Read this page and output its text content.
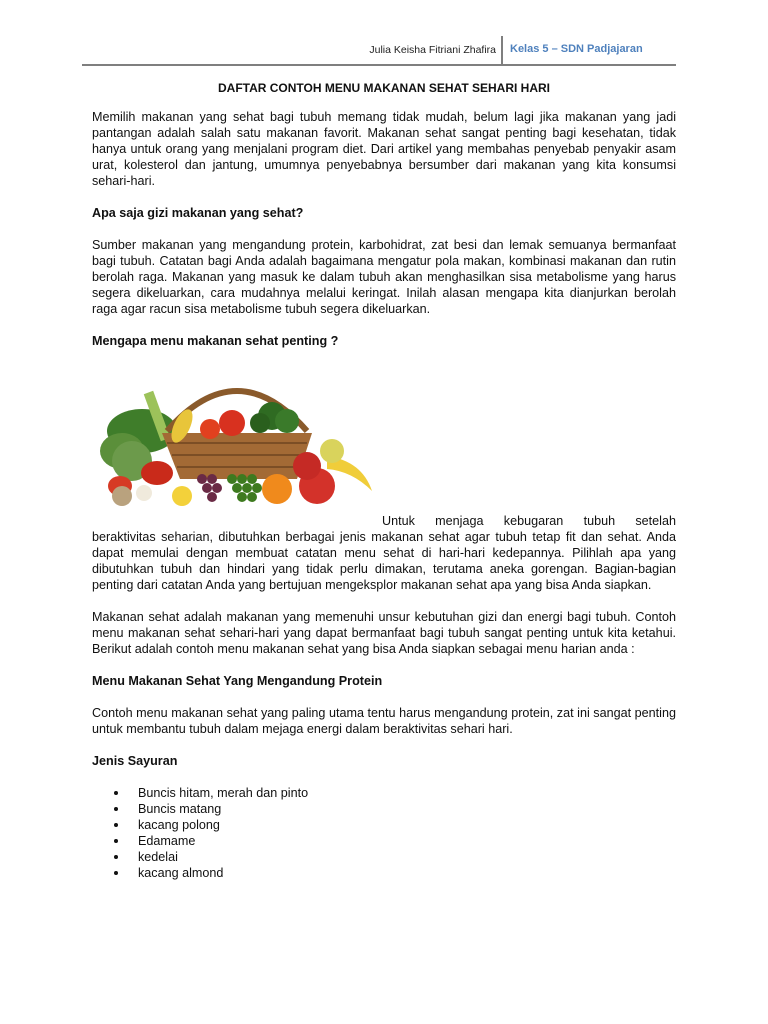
Julia Keisha Fitriani Zhafira Kelas 5 – SDN Padjajaran
DAFTAR CONTOH MENU MAKANAN SEHAT SEHARI HARI

Memilih makanan yang sehat bagi tubuh memang tidak mudah, belum lagi jika makanan yang jadi pantangan adalah salah satu makanan favorit. Makanan sehat sangat penting bagi kesehatan, tidak hanya untuk orang yang menjalani program diet. Dari artikel yang membahas penyebab penyakir asam urat, kolesterol dan jantung, umumnya penyebabnya bersumber dari makanan yang kita konsumsi sehari-hari.

Apa saja gizi makanan yang sehat?

Sumber makanan yang mengandung protein, karbohidrat, zat besi dan lemak semuanya bermanfaat bagi tubuh. Catatan bagi Anda adalah bagaimana mengatur pola makan, kombinasi makanan dan rutin berolah raga. Makanan yang masuk ke dalam tubuh akan menghasilkan sisa metabolisme yang harus segera dikeluarkan, cara mudahnya melalui keringat. Inilah alasan mengapa kita dianjurkan berolah raga agar racun sisa metabolisme tubuh segera dikeluarkan.

Mengapa menu makanan sehat penting ?

Untuk menjaga kebugaran tubuh setelah beraktivitas seharian, dibutuhkan berbagai jenis makanan sehat agar tubuh tetap fit dan sehat. Anda dapat memulai dengan membuat catatan menu sehat di hari-hari kedepannya. Pilihlah apa yang dibutuhkan tubuh dan hindari yang tidak perlu dimakan, terutama aneka gorengan. Bagian-bagian penting dari catatan Anda yang bertujuan mengeksplor makanan sehat apa yang bisa Anda siapkan.

Makanan sehat adalah makanan yang memenuhi unsur kebutuhan gizi dan energi bagi tubuh. Contoh menu makanan sehat sehari-hari yang dapat bermanfaat bagi tubuh sangat penting untuk kita ketahui. Berikut adalah contoh menu makanan sehat yang bisa Anda siapkan sebagai menu harian anda :

Menu Makanan Sehat Yang Mengandung Protein

Contoh menu makanan sehat yang paling utama tentu harus mengandung protein, zat ini sangat penting untuk membantu tubuh dalam mejaga energi dalam beraktivitas sehari hari.

Jenis Sayuran
Buncis hitam, merah dan pinto
Buncis matang
kacang polong
Edamame
kedelai
kacang almond
